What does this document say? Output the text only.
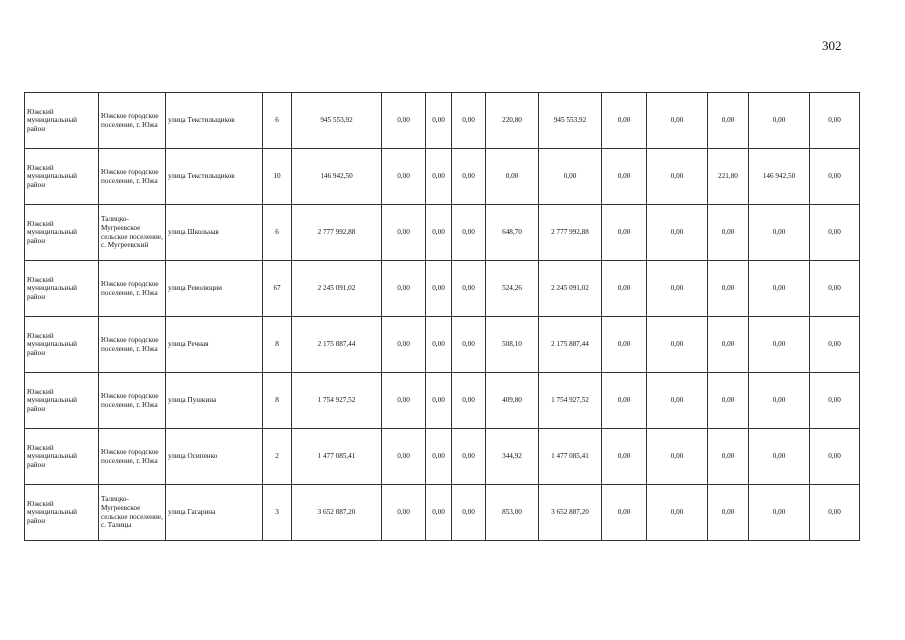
302
Южский муниципальный район	Южское городское поселение, г. Южа	улица Текстильщиков	6	945 553,92	0,00	0,00	0,00	220,80	945 553,92	0,00	0,00	0,00	0,00	0,00
Южский муниципальный район	Южское городское поселение, г. Южа	улица Текстильщиков	10	146 942,50	0,00	0,00	0,00	0,00	0,00	0,00	0,00	221,80	146 942,50	0,00
Южский муниципальный район	Талицко-Мугреевское сельское поселение, с. Мугреевский	улица Школьная	6	2 777 992,88	0,00	0,00	0,00	648,70	2 777 992,88	0,00	0,00	0,00	0,00	0,00
Южский муниципальный район	Южское городское поселение, г. Южа	улица Революции	67	2 245 091,02	0,00	0,00	0,00	524,26	2 245 091,02	0,00	0,00	0,00	0,00	0,00
Южский муниципальный район	Южское городское поселение, г. Южа	улица Речная	8	2 175 887,44	0,00	0,00	0,00	508,10	2 175 887,44	0,00	0,00	0,00	0,00	0,00
Южский муниципальный район	Южское городское поселение, г. Южа	улица Пушкина	8	1 754 927,52	0,00	0,00	0,00	409,80	1 754 927,52	0,00	0,00	0,00	0,00	0,00
Южский муниципальный район	Южское городское поселение, г. Южа	улица Осипенко	2	1 477 085,41	0,00	0,00	0,00	344,92	1 477 085,41	0,00	0,00	0,00	0,00	0,00
Южский муниципальный район	Талицко-Мугреевское сельское поселение, с. Талицы	улица Гагарина	3	3 652 887,20	0,00	0,00	0,00	853,00	3 652 887,20	0,00	0,00	0,00	0,00	0,00
